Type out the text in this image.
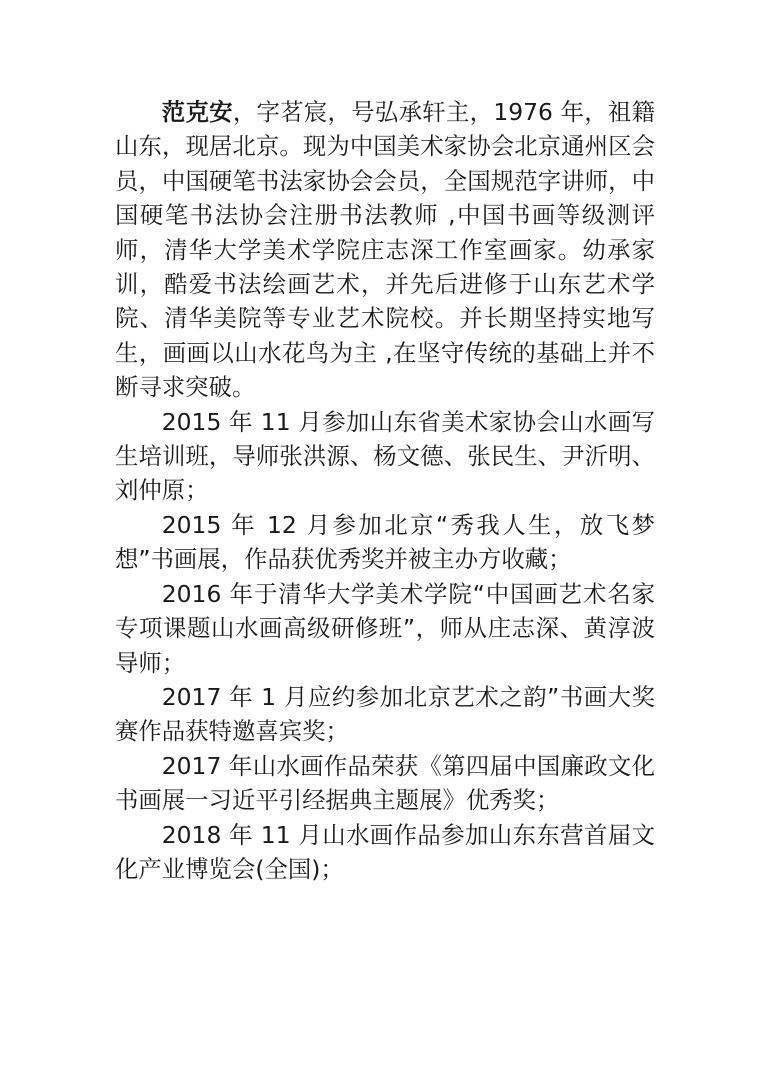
范克安，字茗宸，号弘承轩主，1976 年，祖籍山东，现居北京。现为中国美术家协会北京通州区会员，中国硬笔书法家协会会员，全国规范字讲师，中国硬笔书法协会注册书法教师 ,中国书画等级测评师，清华大学美术学院庄志深工作室画家。幼承家训，酷爱书法绘画艺术，并先后进修于山东艺术学院、清华美院等专业艺术院校。并长期坚持实地写生，画画以山水花鸟为主 ,在坚守传统的基础上并不断寻求突破。

2015 年 11 月参加山东省美术家协会山水画写生培训班，导师张洪源、杨文德、张民生、尹沂明、刘仲原；

2015 年 12 月参加北京“秀我人生，放飞梦想”书画展，作品获优秀奖并被主办方收藏；

2016 年于清华大学美术学院“中国画艺术名家专项课题山水画高级研修班”，师从庄志深、黄淳波导师；

2017 年 1 月应约参加北京艺术之韵”书画大奖赛作品获特邀喜宾奖；

2017 年山水画作品荣获《第四届中国廉政文化书画展一习近平引经据典主题展》优秀奖；

2018 年 11 月山水画作品参加山东东营首届文化产业博览会(全国)；
